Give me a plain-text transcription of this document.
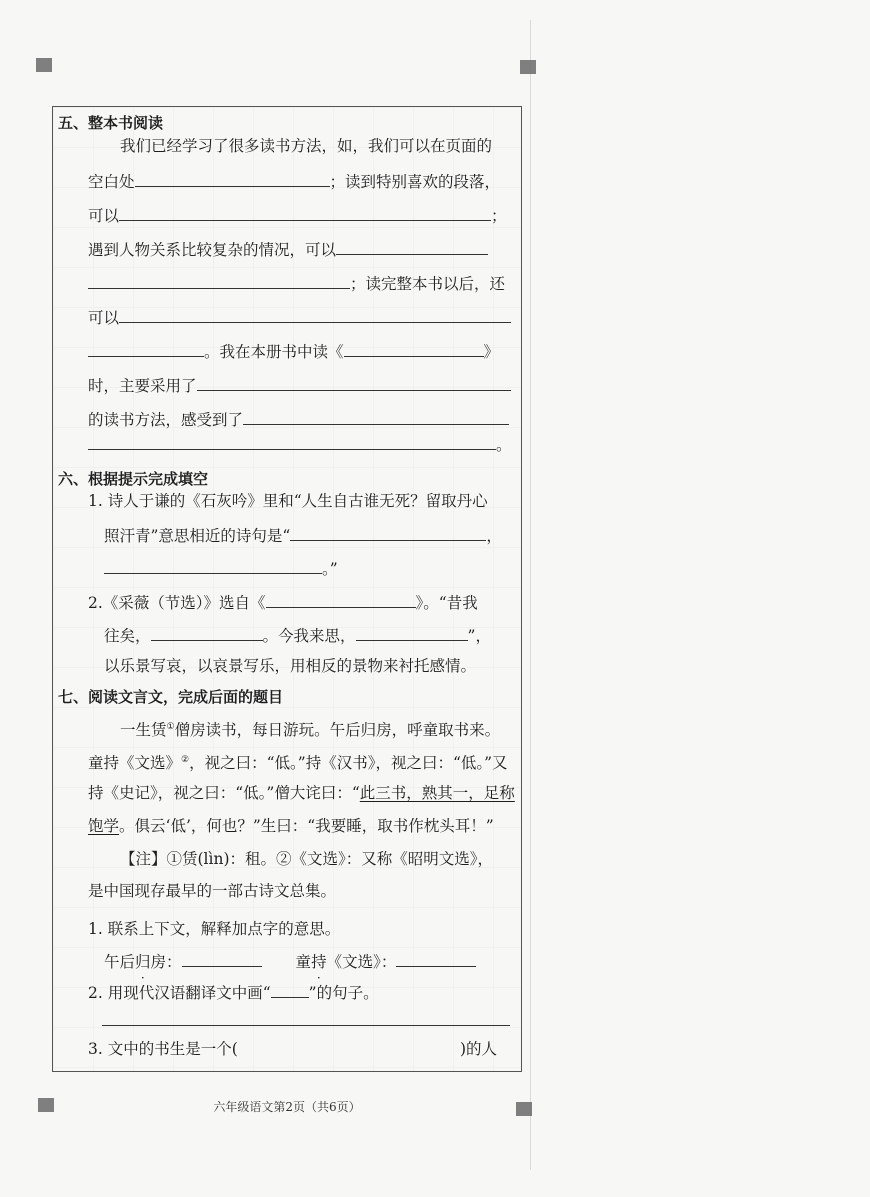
五、整本书阅读
我们已经学习了很多读书方法，如，我们可以在页面的
空白处	；读到特别喜欢的段落，
可以	；
遇到人物关系比较复杂的情况，可以
；读完整本书以后，还
可以
。我在本册书中读《	》
时，主要采用了
的读书方法，感受到了
。
六、根据提示完成填空
1. 诗人于谦的《石灰吟》里和“人生自古谁无死？留取丹心
照汗青”意思相近的诗句是“	，
。”
2.《采薇（节选）》选自《	》。“昔我
往矣，	。今我来思，	”，
以乐景写哀，以哀景写乐，用相反的景物来衬托感情。
七、阅读文言文，完成后面的题目
一生赁①僧房读书，每日游玩。午后归房，呼童取书来。
童持《文选》②，视之曰：“低。”持《汉书》，视之曰：“低。”又
持《史记》，视之曰：“低。”僧大诧曰：“此三书，熟其一，足称
饱学。俱云‘低’，何也？”生曰：“我要睡，取书作枕头耳！”
【注】①赁(lìn)：租。②《文选》：又称《昭明文选》，
是中国现存最早的一部古诗文总集。
1. 联系上下文，解释加点字的意思。
午后归房：	童持《文选》：
2. 用现代汉语翻译文中画“ ”的句子。
3. 文中的书生是一个(	)的人
六年级语文第2页（共6页）
